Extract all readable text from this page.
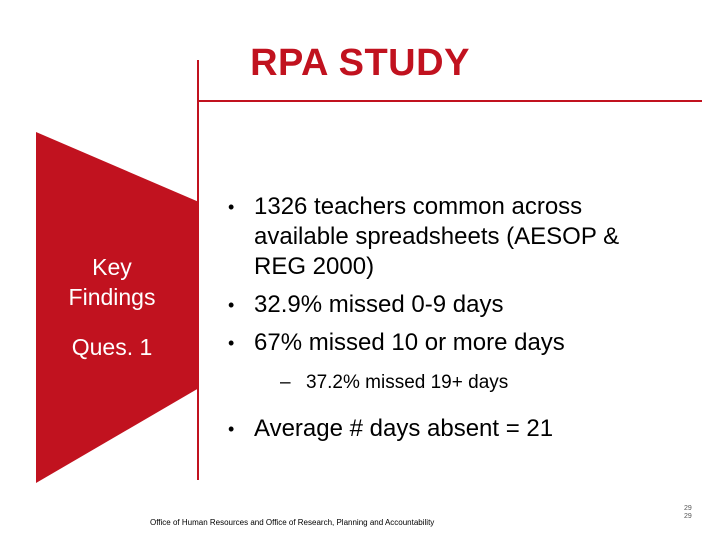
RPA STUDY
Key
Findings
Ques. 1
• 1326 teachers common across
available spreadsheets (AESOP &
REG 2000)
• 32.9% missed 0-9 days
• 67% missed 10 or more days
– 37.2% missed 19+ days
• Average # days absent = 21
Office of Human Resources and Office of Research, Planning and Accountability
29
29
